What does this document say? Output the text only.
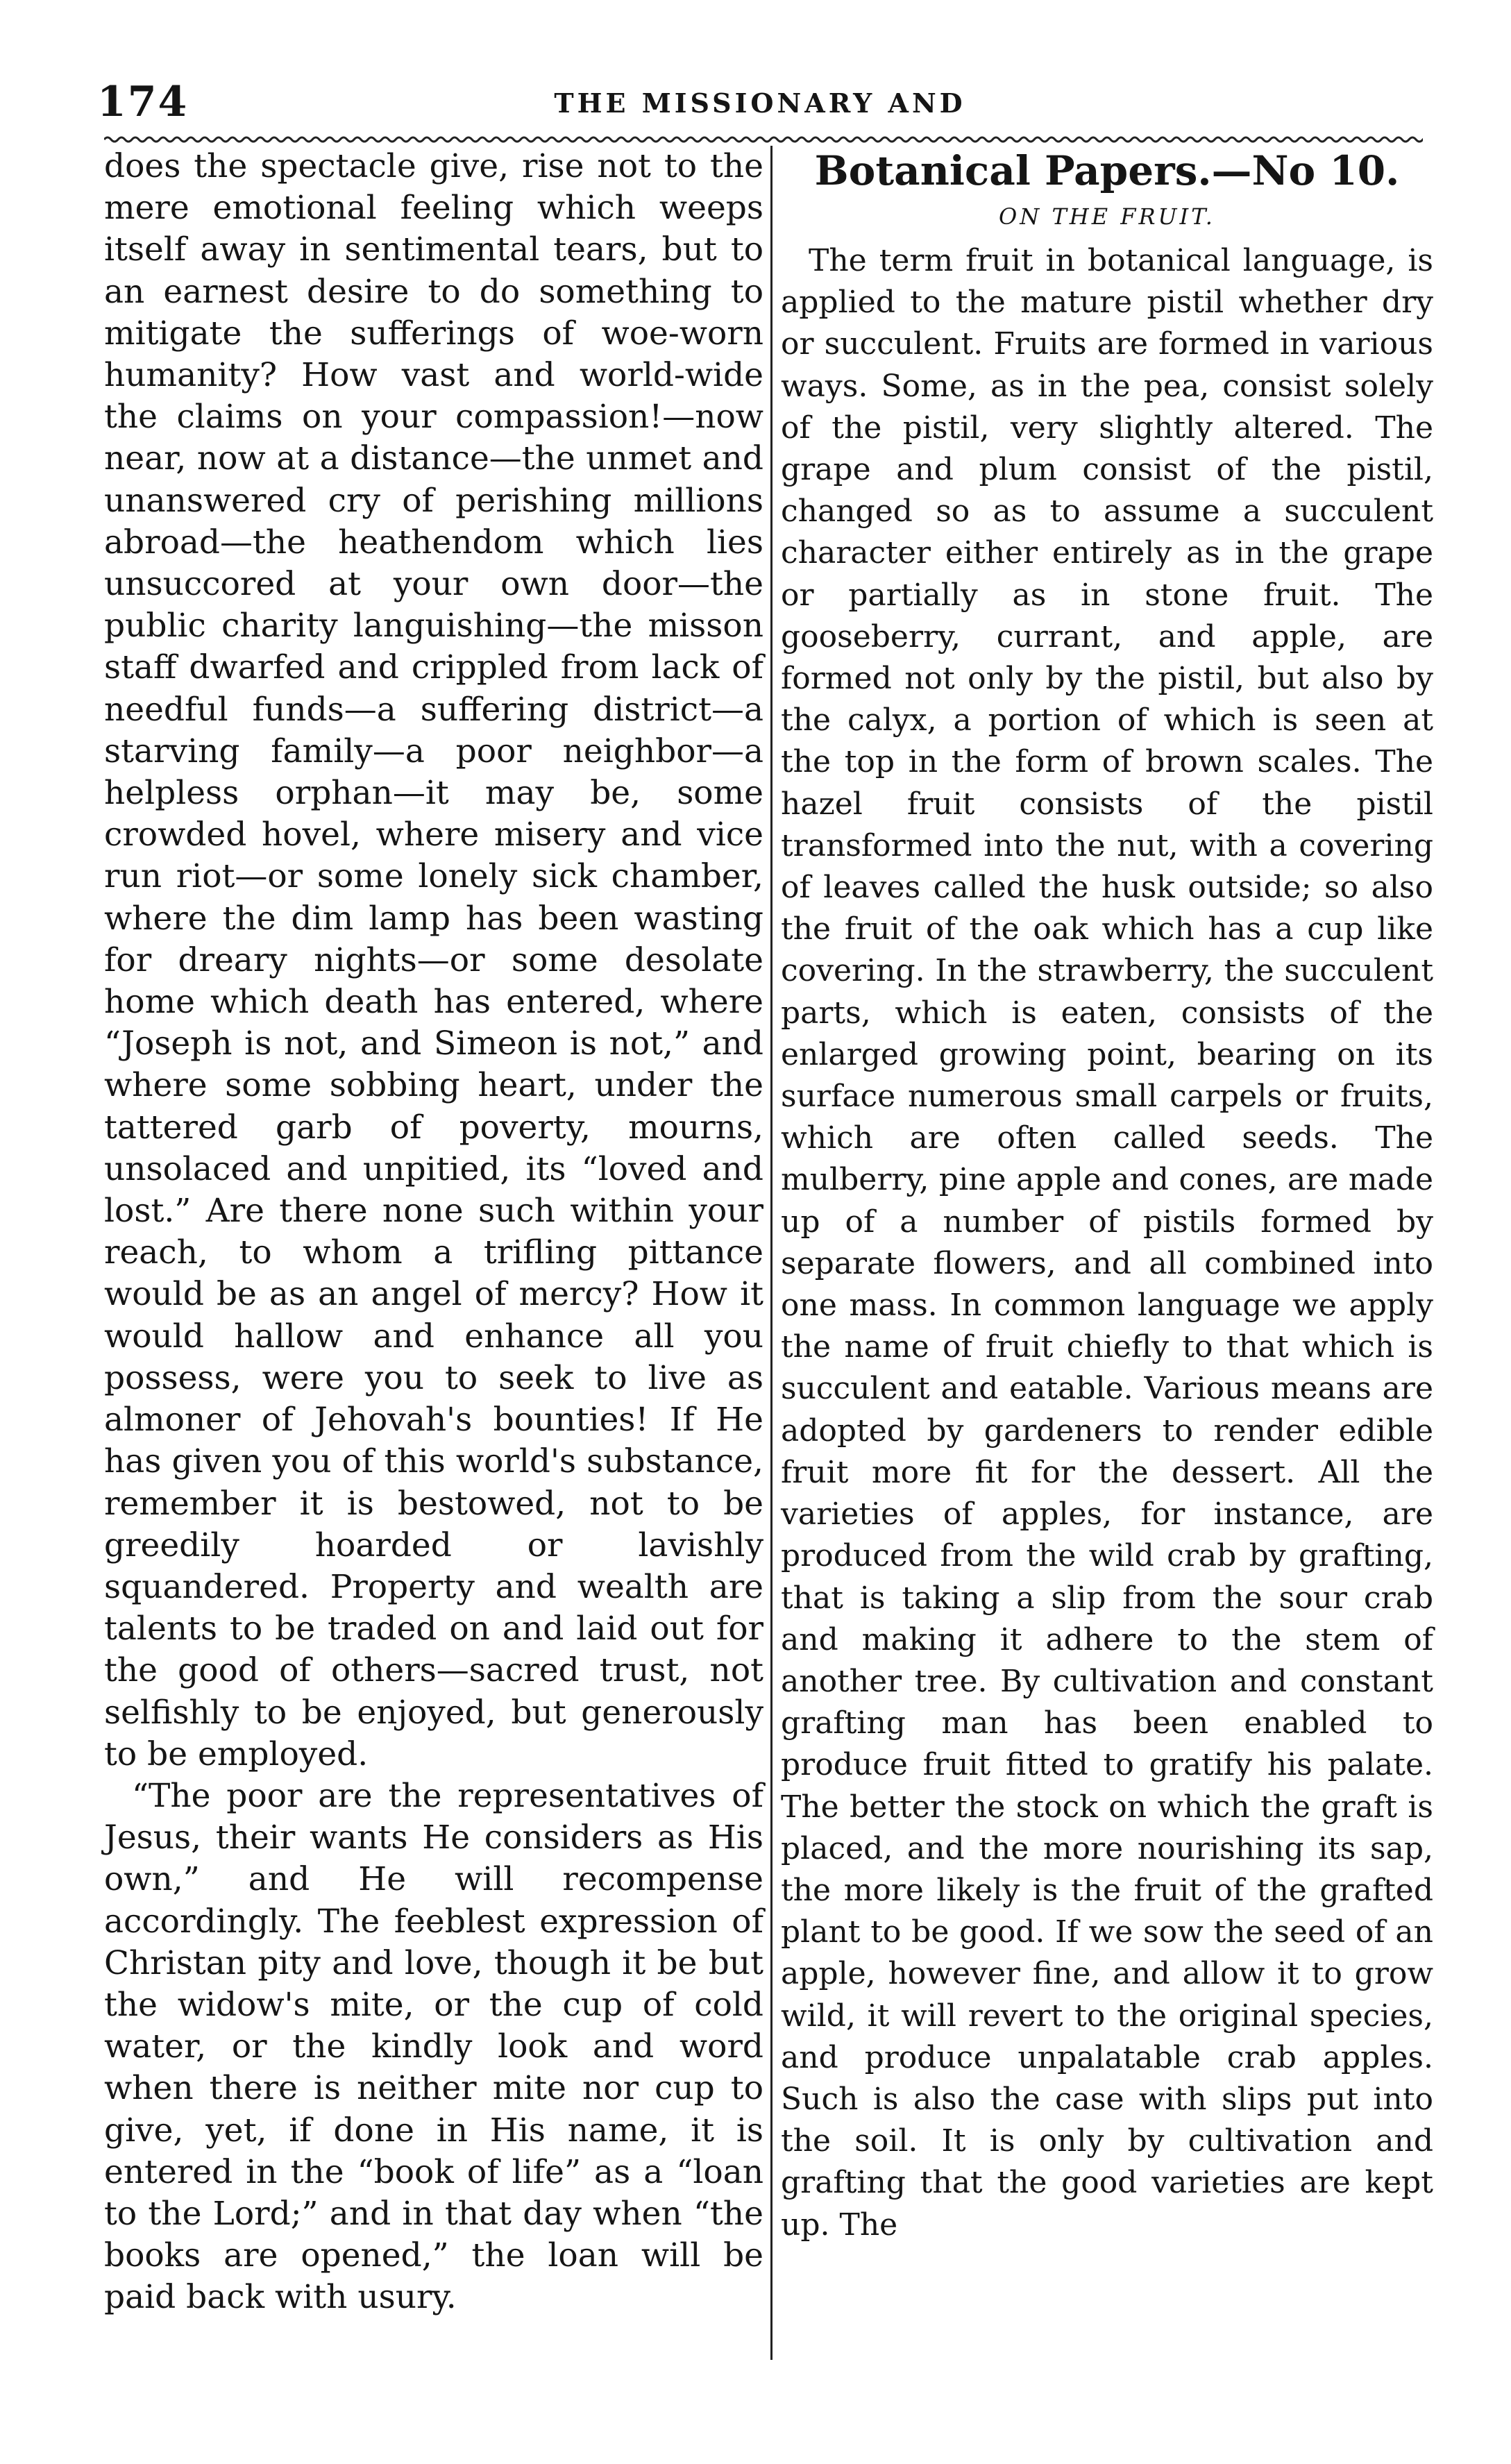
174	THE MISSIONARY AND

does the spectacle give, rise not to the mere emotional feeling which weeps itself away in sentimental tears, but to an earnest desire to do something to mitigate the sufferings of woe-worn humanity? How vast and world-wide the claims on your compassion!—now near, now at a distance—the unmet and unanswered cry of perishing millions abroad—the heathendom which lies unsuccored at your own door—the public charity languishing—the misson staff dwarfed and crippled from lack of needful funds—a suffering district—a starving family—a poor neighbor—a helpless orphan—it may be, some crowded hovel, where misery and vice run riot—or some lonely sick chamber, where the dim lamp has been wasting for dreary nights—or some desolate home which death has entered, where “Joseph is not, and Simeon is not,” and where some sobbing heart, under the tattered garb of poverty, mourns, unsolaced and unpitied, its “loved and lost.” Are there none such within your reach, to whom a trifling pittance would be as an angel of mercy? How it would hallow and enhance all you possess, were you to seek to live as almoner of Jehovah's bounties! If He has given you of this world's substance, remember it is bestowed, not to be greedily hoarded or lavishly squandered. Property and wealth are talents to be traded on and laid out for the good of others—sacred trust, not selfishly to be enjoyed, but generously to be employed.

“The poor are the representatives of Jesus, their wants He considers as His own,” and He will recompense accordingly. The feeblest expression of Christan pity and love, though it be but the widow's mite, or the cup of cold water, or the kindly look and word when there is neither mite nor cup to give, yet, if done in His name, it is entered in the “book of life” as a “loan to the Lord;” and in that day when “the books are opened,” the loan will be paid back with usury.

Botanical Papers.—No 10.
ON THE FRUIT.

The term fruit in botanical language, is applied to the mature pistil whether dry or succulent. Fruits are formed in various ways. Some, as in the pea, consist solely of the pistil, very slightly altered. The grape and plum consist of the pistil, changed so as to assume a succulent character either entirely as in the grape or partially as in stone fruit. The gooseberry, currant, and apple, are formed not only by the pistil, but also by the calyx, a portion of which is seen at the top in the form of brown scales. The hazel fruit consists of the pistil transformed into the nut, with a covering of leaves called the husk outside; so also the fruit of the oak which has a cup like covering. In the strawberry, the succulent parts, which is eaten, consists of the enlarged growing point, bearing on its surface numerous small carpels or fruits, which are often called seeds. The mulberry, pine apple and cones, are made up of a number of pistils formed by separate flowers, and all combined into one mass. In common language we apply the name of fruit chiefly to that which is succulent and eatable. Various means are adopted by gardeners to render edible fruit more fit for the dessert. All the varieties of apples, for instance, are produced from the wild crab by grafting, that is taking a slip from the sour crab and making it adhere to the stem of another tree. By cultivation and constant grafting man has been enabled to produce fruit fitted to gratify his palate. The better the stock on which the graft is placed, and the more nourishing its sap, the more likely is the fruit of the grafted plant to be good. If we sow the seed of an apple, however fine, and allow it to grow wild, it will revert to the original species, and produce unpalatable crab apples. Such is also the case with slips put into the soil. It is only by cultivation and grafting that the good varieties are kept up. The
